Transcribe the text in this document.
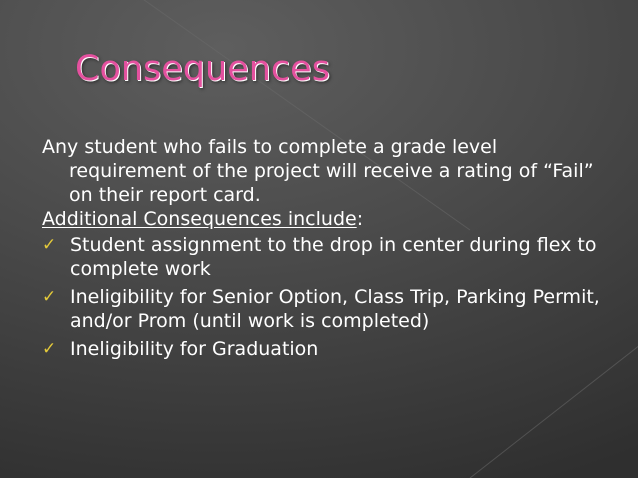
Consequences

Any student who fails to complete a grade level requirement of the project will receive a rating of “Fail” on their report card.

Additional Consequences include:

✓ Student assignment to the drop in center during flex to complete work
✓ Ineligibility for Senior Option, Class Trip, Parking Permit, and/or Prom (until work is completed)
✓ Ineligibility for Graduation
